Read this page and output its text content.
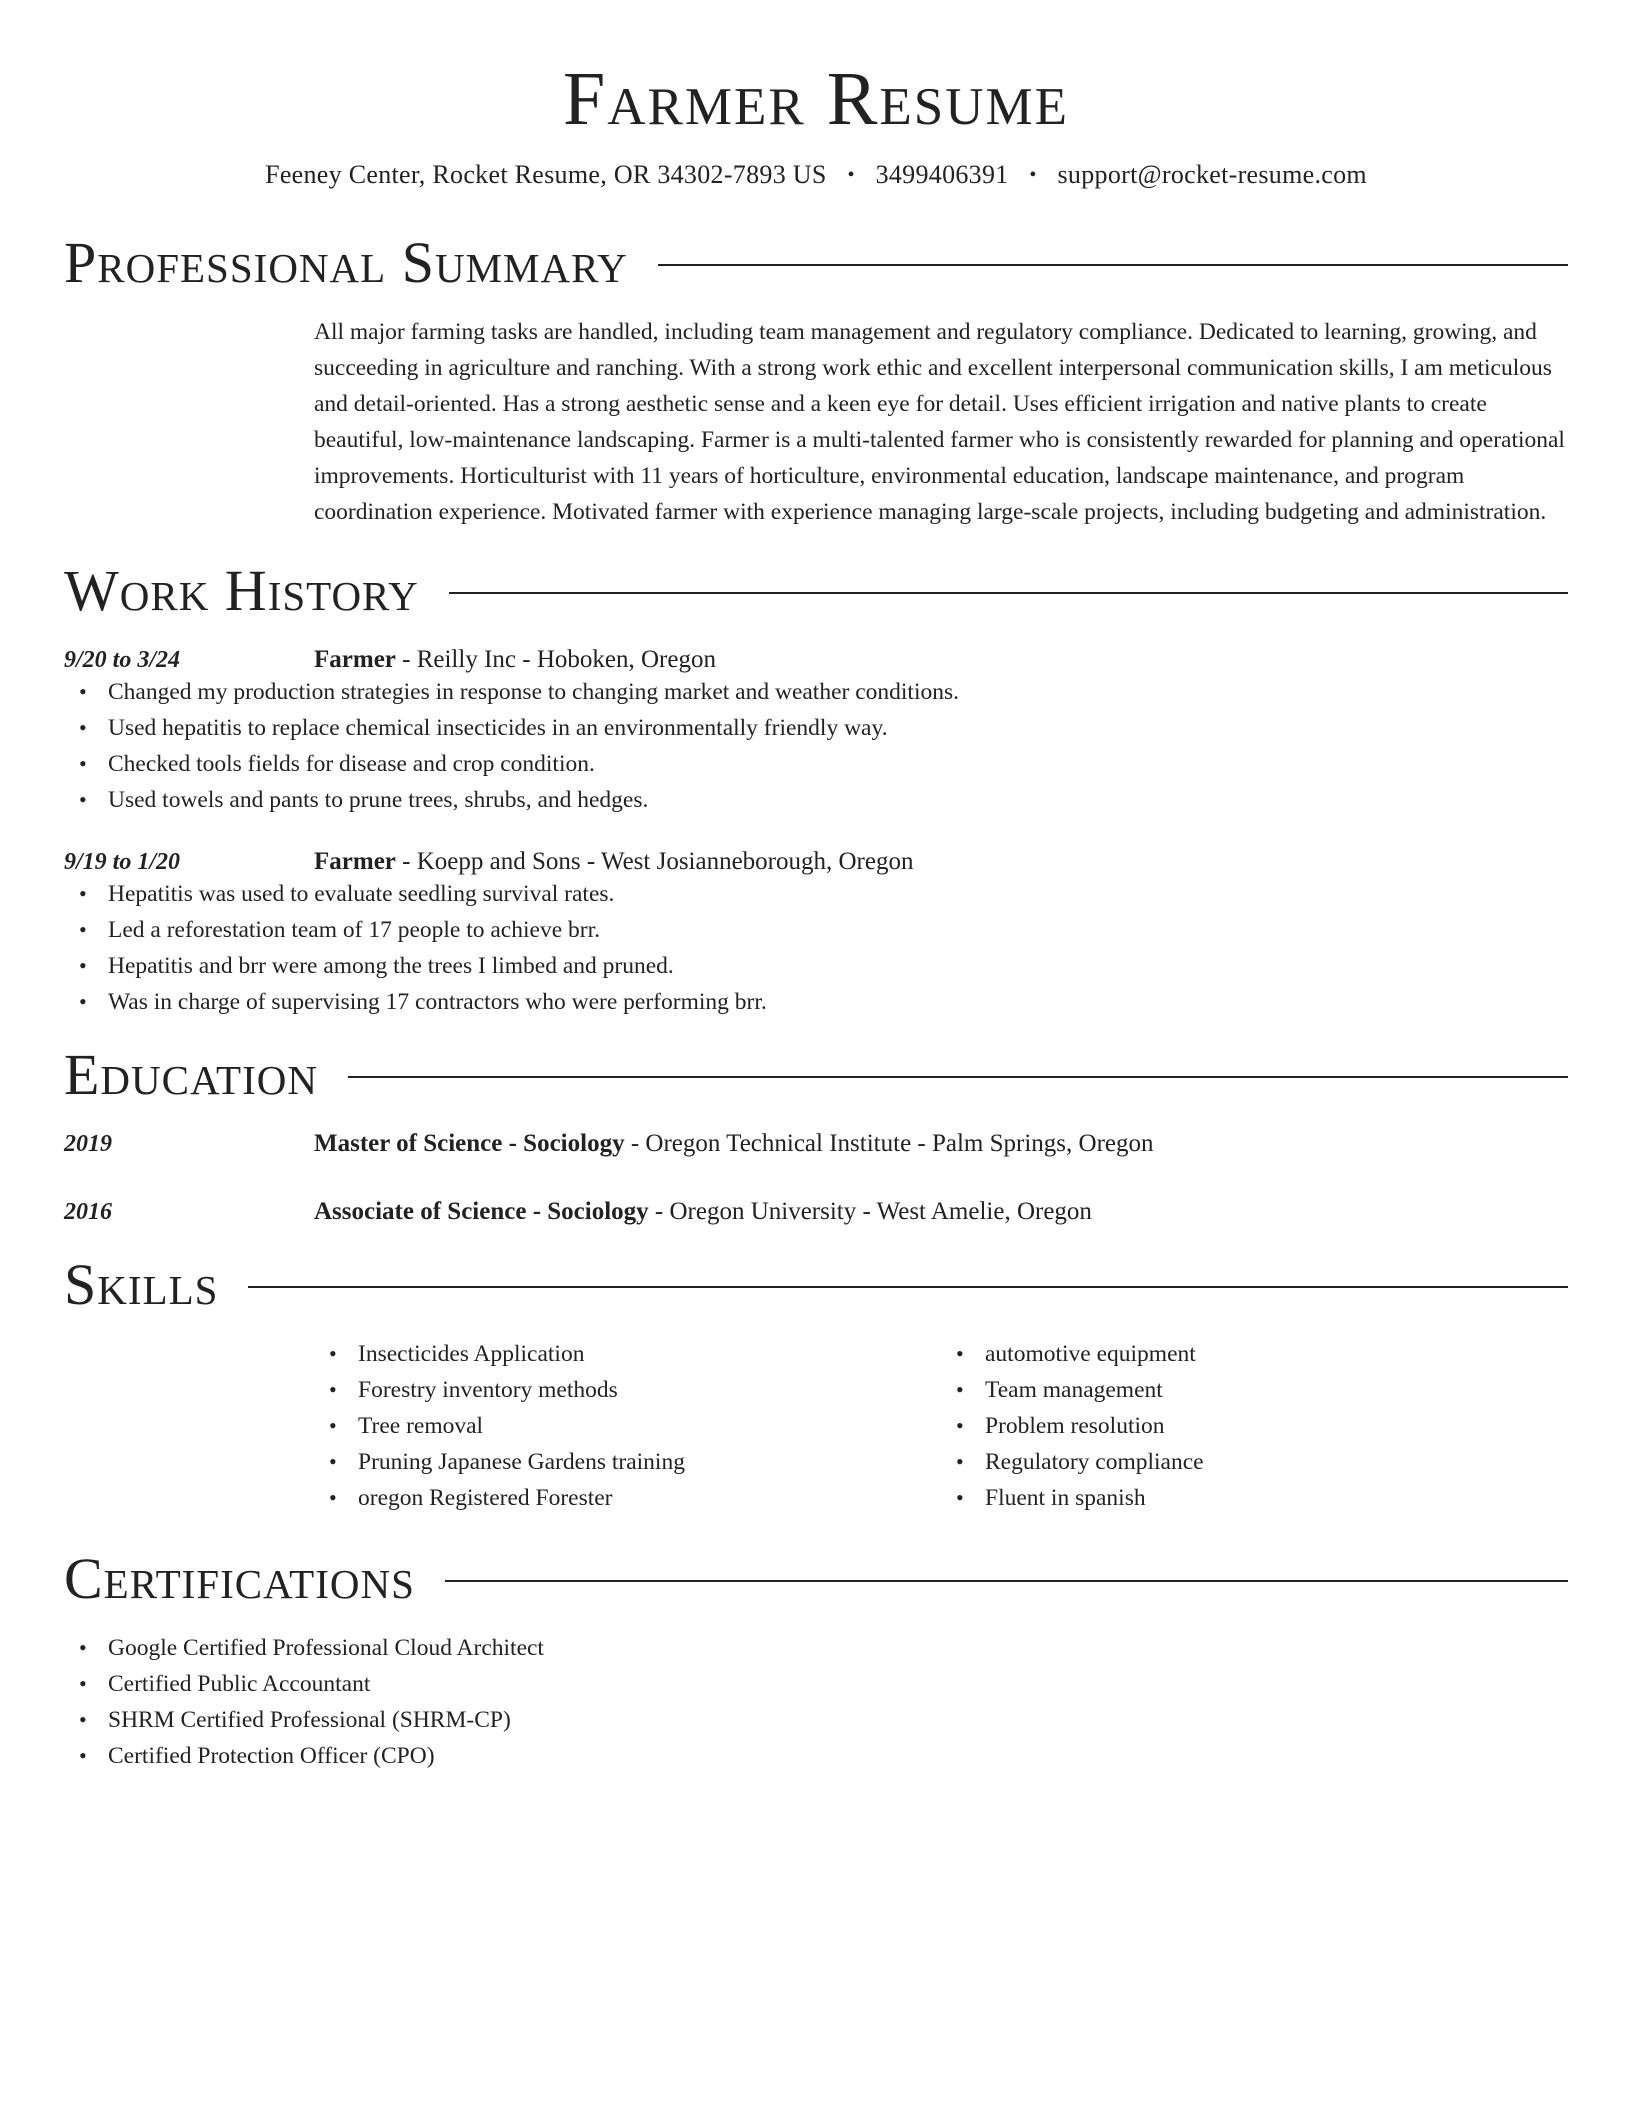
Farmer Resume
Feeney Center, Rocket Resume, OR 34302-7893 US • 3499406391 • support@rocket-resume.com
Professional Summary
All major farming tasks are handled, including team management and regulatory compliance. Dedicated to learning, growing, and succeeding in agriculture and ranching. With a strong work ethic and excellent interpersonal communication skills, I am meticulous and detail-oriented. Has a strong aesthetic sense and a keen eye for detail. Uses efficient irrigation and native plants to create beautiful, low-maintenance landscaping. Farmer is a multi-talented farmer who is consistently rewarded for planning and operational improvements. Horticulturist with 11 years of horticulture, environmental education, landscape maintenance, and program coordination experience. Motivated farmer with experience managing large-scale projects, including budgeting and administration.
Work History
9/20 to 3/24	Farmer - Reilly Inc - Hoboken, Oregon
• Changed my production strategies in response to changing market and weather conditions.
• Used hepatitis to replace chemical insecticides in an environmentally friendly way.
• Checked tools fields for disease and crop condition.
• Used towels and pants to prune trees, shrubs, and hedges.
9/19 to 1/20	Farmer - Koepp and Sons - West Josianneborough, Oregon
• Hepatitis was used to evaluate seedling survival rates.
• Led a reforestation team of 17 people to achieve brr.
• Hepatitis and brr were among the trees I limbed and pruned.
• Was in charge of supervising 17 contractors who were performing brr.
Education
2019	Master of Science - Sociology - Oregon Technical Institute - Palm Springs, Oregon
2016	Associate of Science - Sociology - Oregon University - West Amelie, Oregon
Skills
• Insecticides Application
• Forestry inventory methods
• Tree removal
• Pruning Japanese Gardens training
• oregon Registered Forester
• automotive equipment
• Team management
• Problem resolution
• Regulatory compliance
• Fluent in spanish
Certifications
• Google Certified Professional Cloud Architect
• Certified Public Accountant
• SHRM Certified Professional (SHRM-CP)
• Certified Protection Officer (CPO)
